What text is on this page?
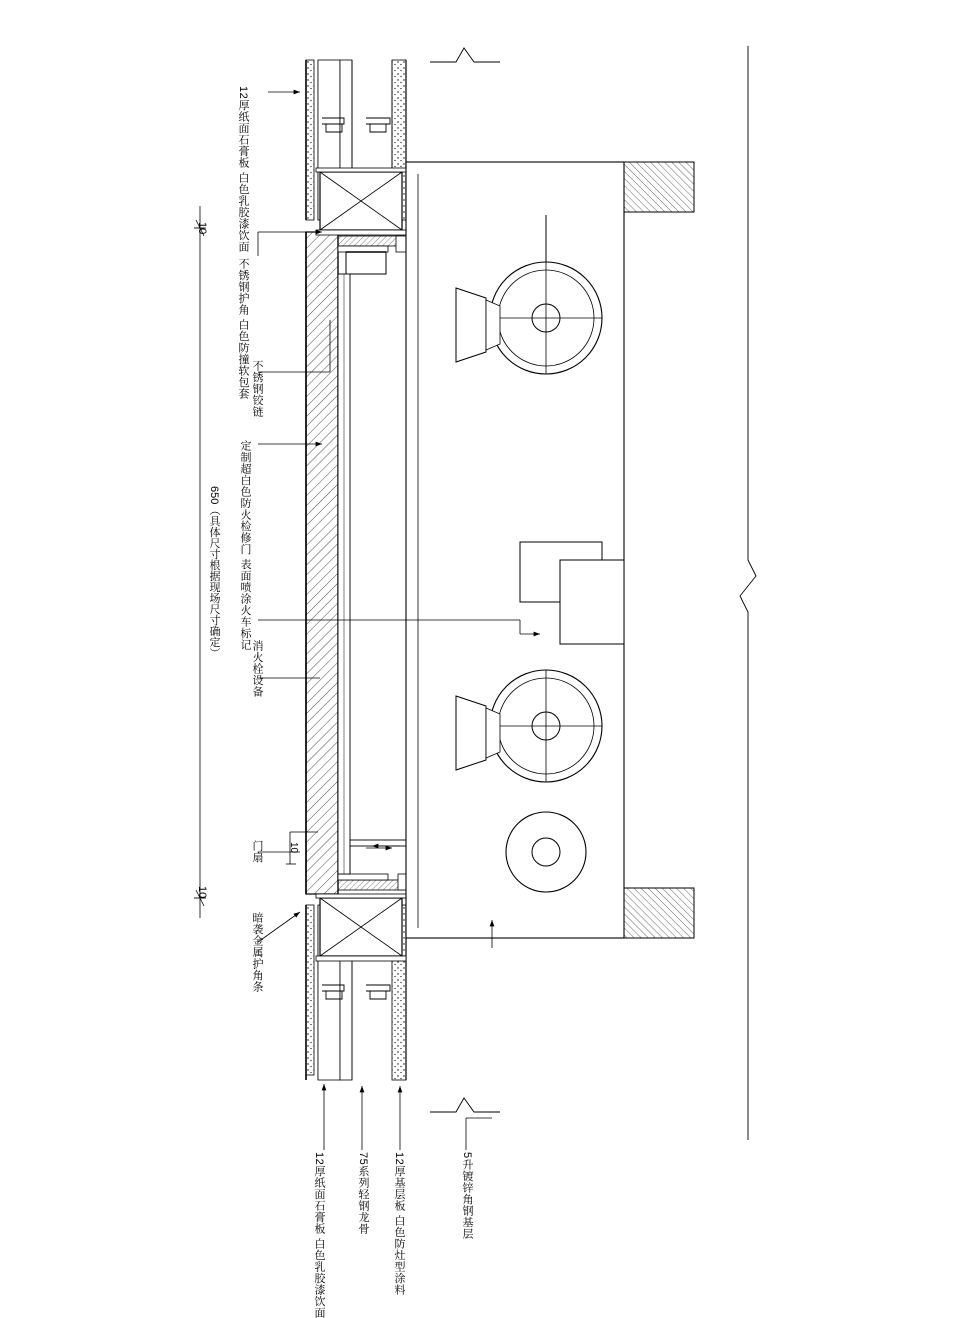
12厚纸面石膏板 白色乳胶漆饮面
不锈钢护角 白色防撞软包套 不锈钢铰链
定制超白色防火检修门 表面喷涂火车标记
消火栓设备
门扇
暗袭金属护角条
12厚纸面石膏板 白色乳胶漆饮面	75系列轻钢龙骨 12厚基层板 白色防灶型涂料	5升镀锌角钢基层
10
10
10
650（具体尺寸根据现场尺寸确定）
